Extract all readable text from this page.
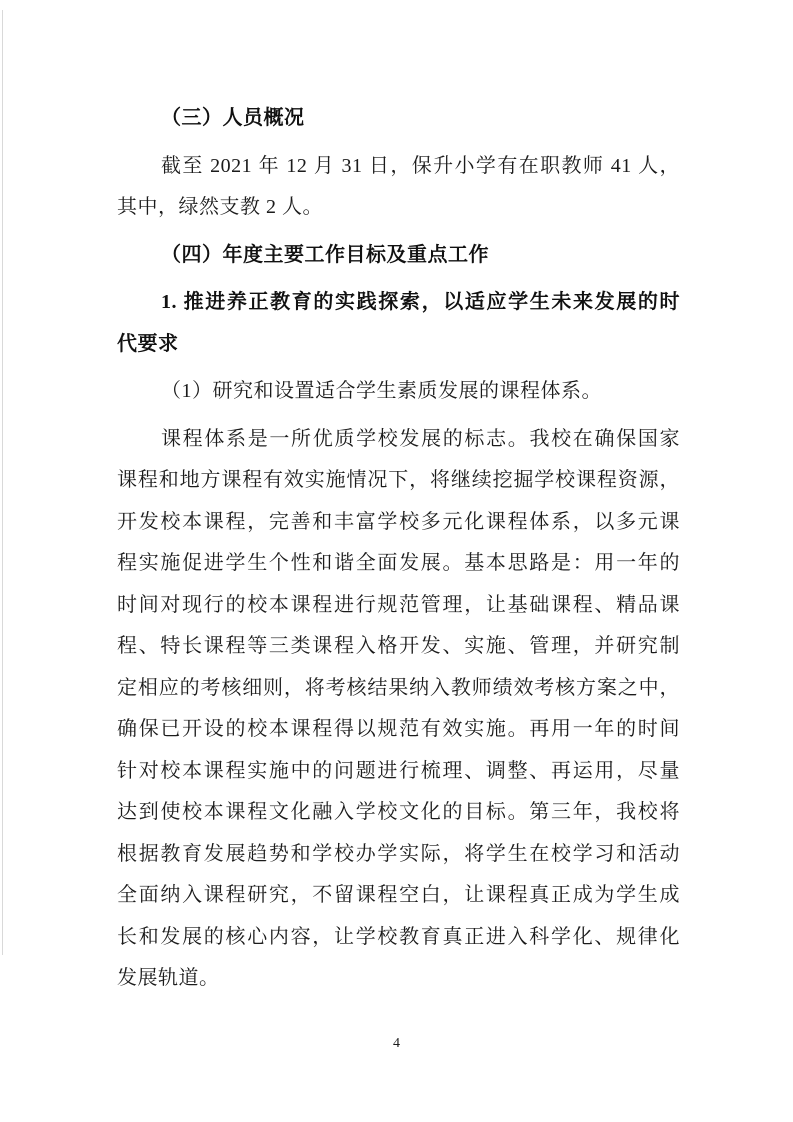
（三）人员概况
截至 2021 年 12 月 31 日，保升小学有在职教师 41 人，
其中，绿然支教 2 人。
（四）年度主要工作目标及重点工作
1. 推进养正教育的实践探索，以适应学生未来发展的时
代要求
（1）研究和设置适合学生素质发展的课程体系。
课程体系是一所优质学校发展的标志。我校在确保国家
课程和地方课程有效实施情况下，将继续挖掘学校课程资源，
开发校本课程，完善和丰富学校多元化课程体系，以多元课
程实施促进学生个性和谐全面发展。基本思路是：用一年的
时间对现行的校本课程进行规范管理，让基础课程、精品课
程、特长课程等三类课程入格开发、实施、管理，并研究制
定相应的考核细则，将考核结果纳入教师绩效考核方案之中，
确保已开设的校本课程得以规范有效实施。再用一年的时间
针对校本课程实施中的问题进行梳理、调整、再运用，尽量
达到使校本课程文化融入学校文化的目标。第三年，我校将
根据教育发展趋势和学校办学实际，将学生在校学习和活动
全面纳入课程研究，不留课程空白，让课程真正成为学生成
长和发展的核心内容，让学校教育真正进入科学化、规律化
发展轨道。
4
